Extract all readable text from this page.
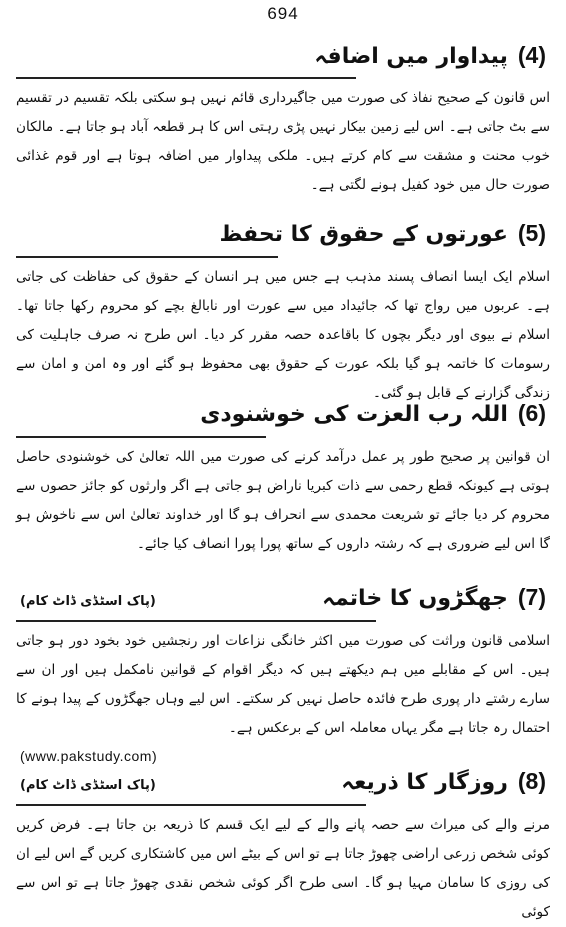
694
(4)پیداوار میں اضافہ
اس قانون کے صحیح نفاذ کی صورت میں جاگیرداری قائم نہیں ہو سکتی بلکہ تقسیم در تقسیم سے بٹ جاتی ہے۔ اس لیے زمین بیکار نہیں پڑی رہتی اس کا ہر قطعہ آباد ہو جاتا ہے۔ مالکان خوب محنت و مشقت سے کام کرتے ہیں۔ ملکی پیداوار میں اضافہ ہوتا ہے اور قوم غذائی صورت حال میں خود کفیل ہونے لگتی ہے۔
(5)عورتوں کے حقوق کا تحفظ
اسلام ایک ایسا انصاف پسند مذہب ہے جس میں ہر انسان کے حقوق کی حفاظت کی جاتی ہے۔ عربوں میں رواج تھا کہ جائیداد میں سے عورت اور نابالغ بچے کو محروم رکھا جاتا تھا۔ اسلام نے بیوی اور دیگر بچوں کا باقاعدہ حصہ مقرر کر دیا۔ اس طرح نہ صرف جاہلیت کی رسومات کا خاتمہ ہو گیا بلکہ عورت کے حقوق بھی محفوظ ہو گئے اور وہ امن و امان سے زندگی گزارنے کے قابل ہو گئی۔
(6)اللہ رب العزت کی خوشنودی
ان قوانین پر صحیح طور پر عمل درآمد کرنے کی صورت میں اللہ تعالیٰ کی خوشنودی حاصل ہوتی ہے کیونکہ قطع رحمی سے ذات کبریا ناراض ہو جاتی ہے اگر وارثوں کو جائز حصوں سے محروم کر دیا جائے تو شریعت محمدی سے انحراف ہو گا اور خداوند تعالیٰ اس سے ناخوش ہو گا اس لیے ضروری ہے کہ رشتہ داروں کے ساتھ پورا پورا انصاف کیا جائے۔
(7)جھگڑوں کا خاتمہ
(پاک اسٹڈی ڈاٹ کام)
اسلامی قانون وراثت کی صورت میں اکثر خانگی نزاعات اور رنجشیں خود بخود دور ہو جاتی ہیں۔ اس کے مقابلے میں ہم دیکھتے ہیں کہ دیگر اقوام کے قوانین نامکمل ہیں اور ان سے سارے رشتے دار پوری طرح فائدہ حاصل نہیں کر سکتے۔ اس لیے وہاں جھگڑوں کے پیدا ہونے کا احتمال رہ جاتا ہے مگر یہاں معاملہ اس کے برعکس ہے۔
(www.pakstudy.com)
(8)روزگار کا ذریعہ
(پاک اسٹڈی ڈاٹ کام)
مرنے والے کی میراث سے حصہ پانے والے کے لیے ایک قسم کا ذریعہ بن جاتا ہے۔ فرض کریں کوئی شخص زرعی اراضی چھوڑ جاتا ہے تو اس کے بیٹے اس میں کاشتکاری کریں گے اس لیے ان کی روزی کا سامان مہیا ہو گا۔ اسی طرح اگر کوئی شخص نقدی چھوڑ جاتا ہے تو اس سے کوئی
